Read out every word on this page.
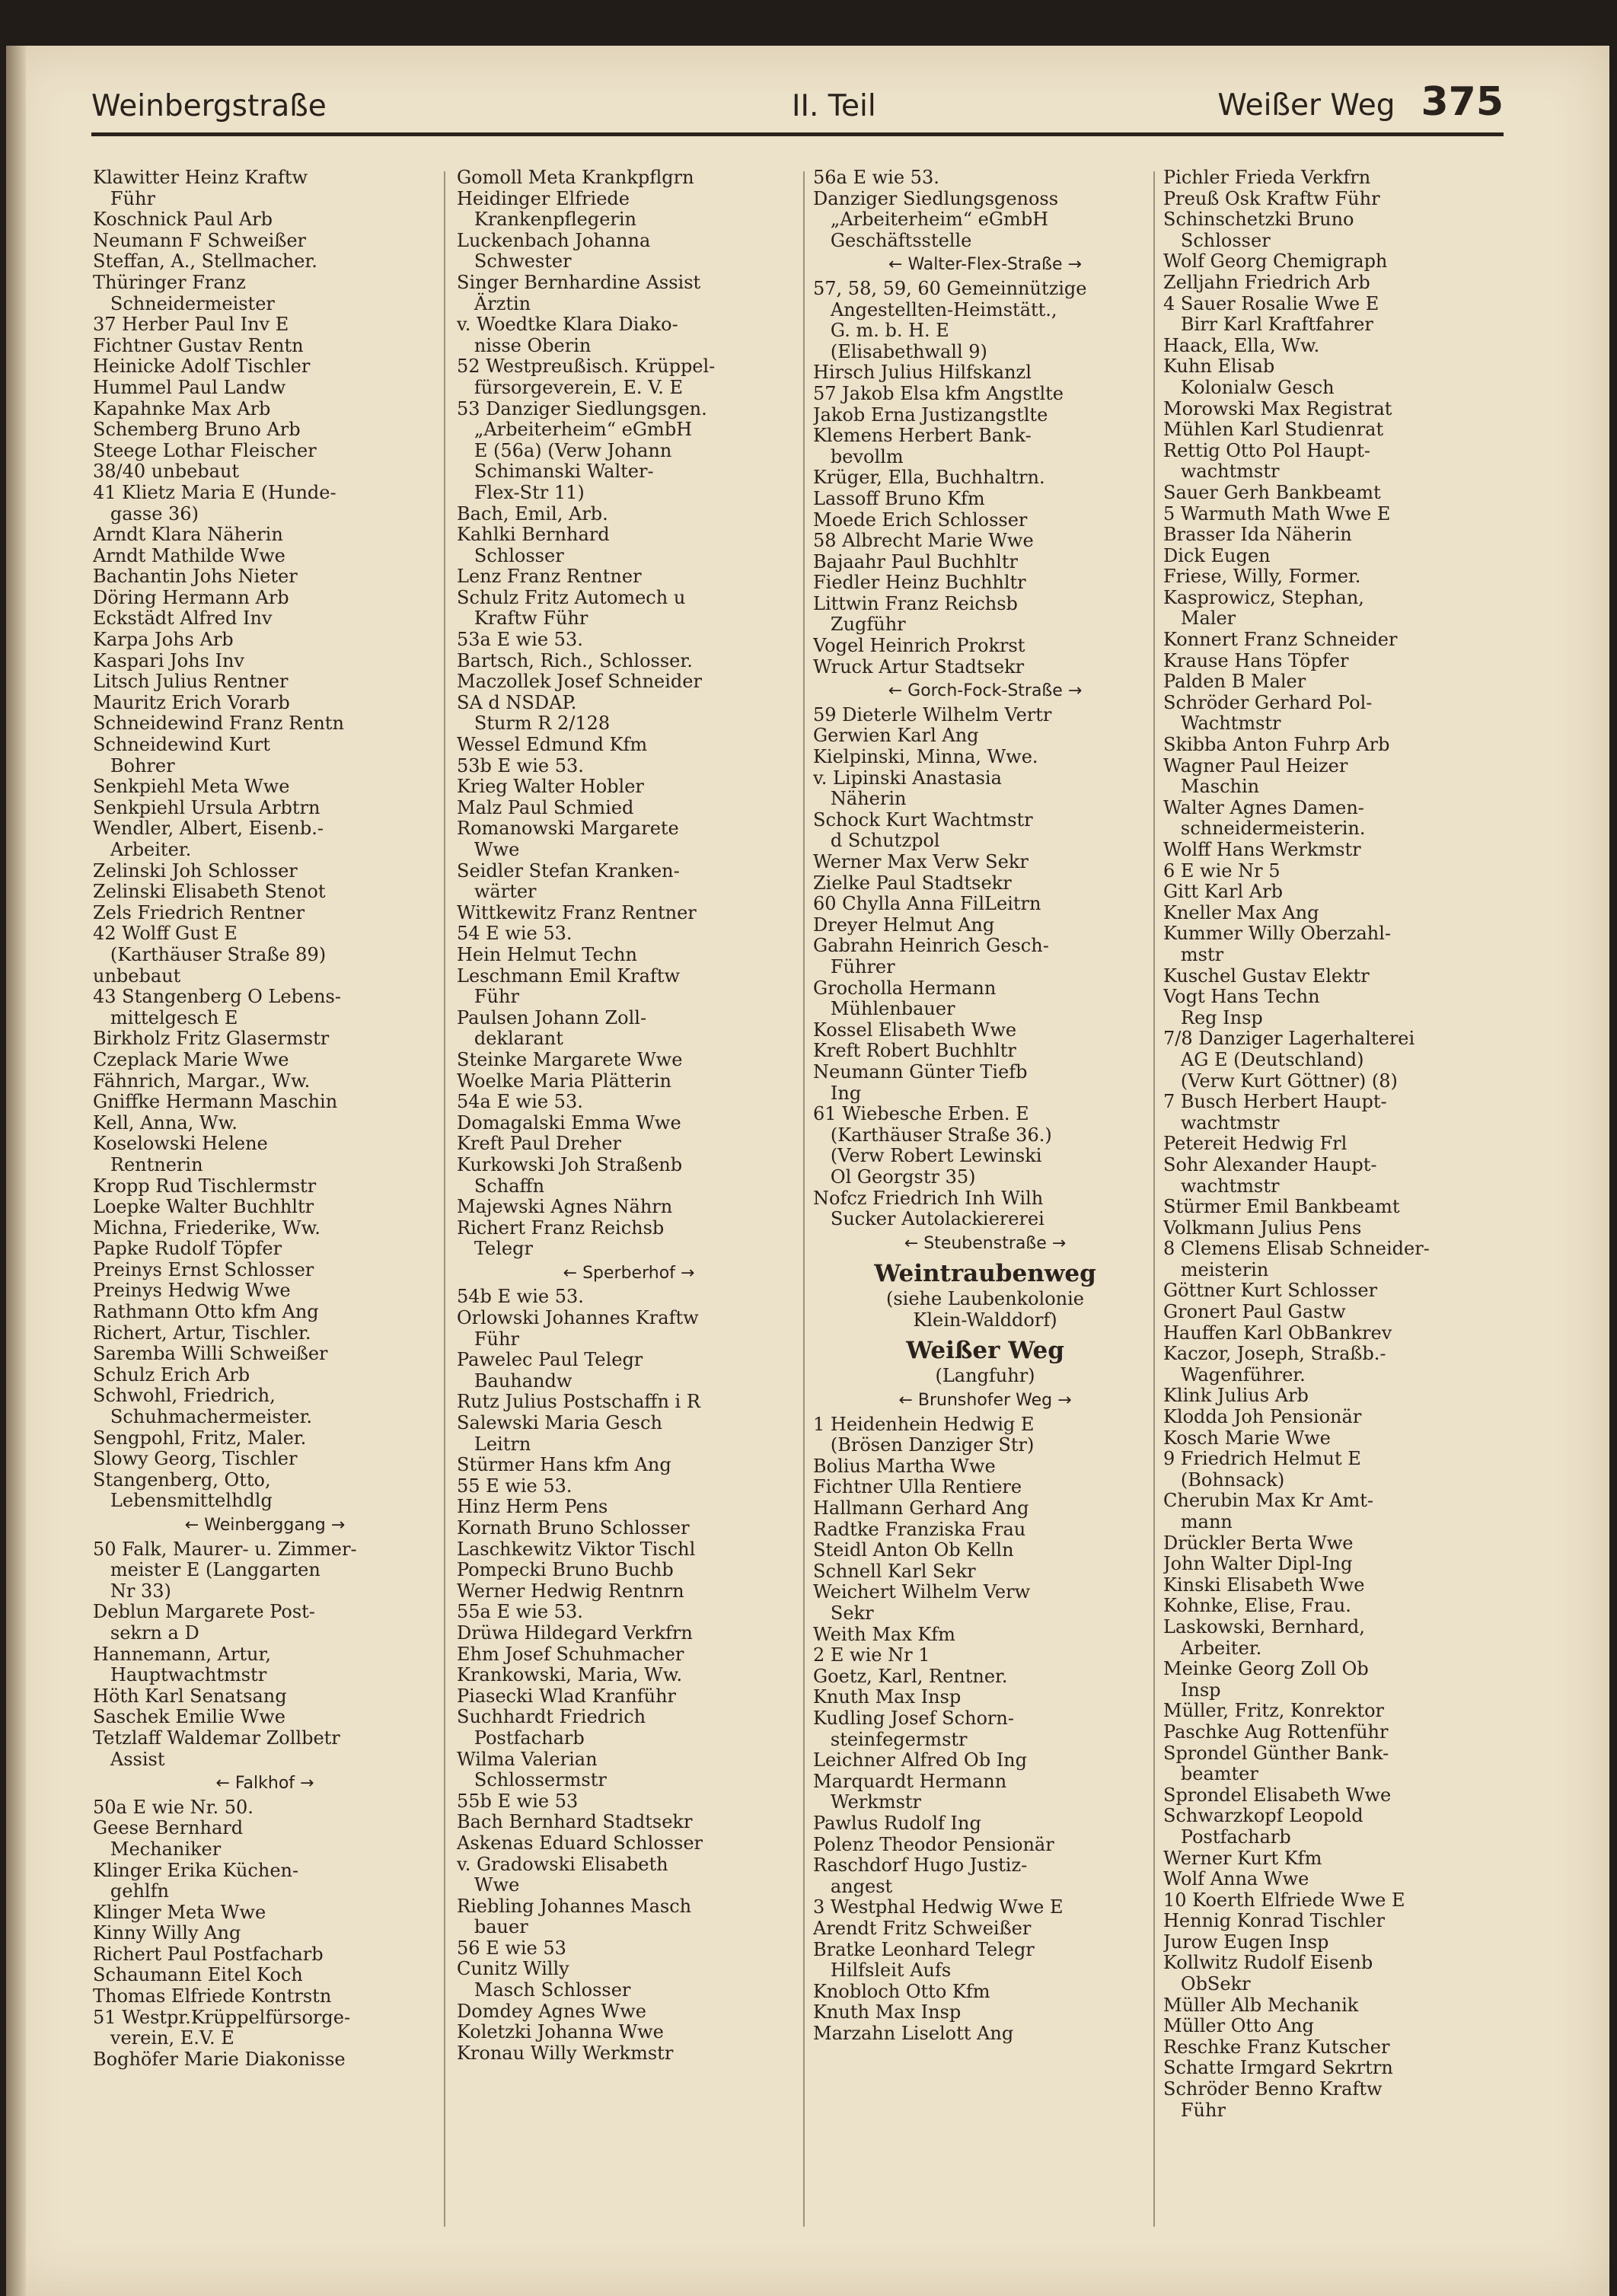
Weinbergstraße	II. Teil	Weißer Weg 375
Klawitter Heinz Kraftw
Führ
Koschnick Paul Arb
Neumann F Schweißer
Steffan, A., Stellmacher.
Thüringer Franz
Schneidermeister
37 Herber Paul Inv E
Fichtner Gustav Rentn
Heinicke Adolf Tischler
Hummel Paul Landw
Kapahnke Max Arb
Schemberg Bruno Arb
Steege Lothar Fleischer
38/40 unbebaut
41 Klietz Maria E (Hunde-
gasse 36)
Arndt Klara Näherin
Arndt Mathilde Wwe
Bachantin Johs Nieter
Döring Hermann Arb
Eckstädt Alfred Inv
Karpa Johs Arb
Kaspari Johs Inv
Litsch Julius Rentner
Mauritz Erich Vorarb
Schneidewind Franz Rentn
Schneidewind Kurt
Bohrer
Senkpiehl Meta Wwe
Senkpiehl Ursula Arbtrn
Wendler, Albert, Eisenb.-
Arbeiter.
Zelinski Joh Schlosser
Zelinski Elisabeth Stenot
Zels Friedrich Rentner
42 Wolff Gust E
(Karthäuser Straße 89)
unbebaut
43 Stangenberg O Lebens-
mittelgesch E
Birkholz Fritz Glasermstr
Czeplack Marie Wwe
Fähnrich, Margar., Ww.
Gniffke Hermann Maschin
Kell, Anna, Ww.
Koselowski Helene
Rentnerin
Kropp Rud Tischlermstr
Loepke Walter Buchhltr
Michna, Friederike, Ww.
Papke Rudolf Töpfer
Preinys Ernst Schlosser
Preinys Hedwig Wwe
Rathmann Otto kfm Ang
Richert, Artur, Tischler.
Saremba Willi Schweißer
Schulz Erich Arb
Schwohl, Friedrich,
Schuhmachermeister.
Sengpohl, Fritz, Maler.
Slowy Georg, Tischler
Stangenberg, Otto,
Lebensmittelhdlg
← Weinberggang →
50 Falk, Maurer- u. Zimmer-
meister E (Langgarten
Nr 33)
Deblun Margarete Post-
sekrn a D
Hannemann, Artur,
Hauptwachtmstr
Höth Karl Senatsang
Saschek Emilie Wwe
Tetzlaff Waldemar Zollbetr
Assist
← Falkhof →
50a E wie Nr. 50.
Geese Bernhard
Mechaniker
Klinger Erika Küchen-
gehlfn
Klinger Meta Wwe
Kinny Willy Ang
Richert Paul Postfacharb
Schaumann Eitel Koch
Thomas Elfriede Kontrstn
51 Westpr.Krüppelfürsorge-
verein, E.V. E
Boghöfer Marie Diakonisse
Gomoll Meta Krankpflgrn
Heidinger Elfriede
Krankenpflegerin
Luckenbach Johanna
Schwester
Singer Bernhardine Assist
Ärztin
v. Woedtke Klara Diako-
nisse Oberin
52 Westpreußisch. Krüppel-
fürsorgeverein, E. V. E
53 Danziger Siedlungsgen.
„Arbeiterheim“ eGmbH
E (56a) (Verw Johann
Schimanski Walter-
Flex-Str 11)
Bach, Emil, Arb.
Kahlki Bernhard
Schlosser
Lenz Franz Rentner
Schulz Fritz Automech u
Kraftw Führ
53a E wie 53.
Bartsch, Rich., Schlosser.
Maczollek Josef Schneider
SA d NSDAP.
Sturm R 2/128
Wessel Edmund Kfm
53b E wie 53.
Krieg Walter Hobler
Malz Paul Schmied
Romanowski Margarete
Wwe
Seidler Stefan Kranken-
wärter
Wittkewitz Franz Rentner
54 E wie 53.
Hein Helmut Techn
Leschmann Emil Kraftw
Führ
Paulsen Johann Zoll-
deklarant
Steinke Margarete Wwe
Woelke Maria Plätterin
54a E wie 53.
Domagalski Emma Wwe
Kreft Paul Dreher
Kurkowski Joh Straßenb
Schaffn
Majewski Agnes Nährn
Richert Franz Reichsb
Telegr
← Sperberhof →
54b E wie 53.
Orlowski Johannes Kraftw
Führ
Pawelec Paul Telegr
Bauhandw
Rutz Julius Postschaffn i R
Salewski Maria Gesch
Leitrn
Stürmer Hans kfm Ang
55 E wie 53.
Hinz Herm Pens
Kornath Bruno Schlosser
Laschkewitz Viktor Tischl
Pompecki Bruno Buchb
Werner Hedwig Rentnrn
55a E wie 53.
Drüwa Hildegard Verkfrn
Ehm Josef Schuhmacher
Krankowski, Maria, Ww.
Piasecki Wlad Kranführ
Suchhardt Friedrich
Postfacharb
Wilma Valerian
Schlossermstr
55b E wie 53
Bach Bernhard Stadtsekr
Askenas Eduard Schlosser
v. Gradowski Elisabeth
Wwe
Riebling Johannes Masch
bauer
56 E wie 53
Cunitz Willy
Masch Schlosser
Domdey Agnes Wwe
Koletzki Johanna Wwe
Kronau Willy Werkmstr
56a E wie 53.
Danziger Siedlungsgenoss
„Arbeiterheim“ eGmbH
Geschäftsstelle
← Walter-Flex-Straße →
57, 58, 59, 60 Gemeinnützige
Angestellten-Heimstätt.,
G. m. b. H. E
(Elisabethwall 9)
Hirsch Julius Hilfskanzl
57 Jakob Elsa kfm Angstlte
Jakob Erna Justizangstlte
Klemens Herbert Bank-
bevollm
Krüger, Ella, Buchhaltrn.
Lassoff Bruno Kfm
Moede Erich Schlosser
58 Albrecht Marie Wwe
Bajaahr Paul Buchhltr
Fiedler Heinz Buchhltr
Littwin Franz Reichsb
Zugführ
Vogel Heinrich Prokrst
Wruck Artur Stadtsekr
← Gorch-Fock-Straße →
59 Dieterle Wilhelm Vertr
Gerwien Karl Ang
Kielpinski, Minna, Wwe.
v. Lipinski Anastasia
Näherin
Schock Kurt Wachtmstr
d Schutzpol
Werner Max Verw Sekr
Zielke Paul Stadtsekr
60 Chylla Anna FilLeitrn
Dreyer Helmut Ang
Gabrahn Heinrich Gesch-
Führer
Grocholla Hermann
Mühlenbauer
Kossel Elisabeth Wwe
Kreft Robert Buchhltr
Neumann Günter Tiefb
Ing
61 Wiebesche Erben. E
(Karthäuser Straße 36.)
(Verw Robert Lewinski
Ol Georgstr 35)
Nofcz Friedrich Inh Wilh
Sucker Autolackiererei
← Steubenstraße →
Weintraubenweg
(siehe Laubenkolonie
Klein-Walddorf)
Weißer Weg
(Langfuhr)
← Brunshofer Weg →
1 Heidenhein Hedwig E
(Brösen Danziger Str)
Bolius Martha Wwe
Fichtner Ulla Rentiere
Hallmann Gerhard Ang
Radtke Franziska Frau
Steidl Anton Ob Kelln
Schnell Karl Sekr
Weichert Wilhelm Verw
Sekr
Weith Max Kfm
2 E wie Nr 1
Goetz, Karl, Rentner.
Knuth Max Insp
Kudling Josef Schorn-
steinfegermstr
Leichner Alfred Ob Ing
Marquardt Hermann
Werkmstr
Pawlus Rudolf Ing
Polenz Theodor Pensionär
Raschdorf Hugo Justiz-
angest
3 Westphal Hedwig Wwe E
Arendt Fritz Schweißer
Bratke Leonhard Telegr
Hilfsleit Aufs
Knobloch Otto Kfm
Knuth Max Insp
Marzahn Liselott Ang
Pichler Frieda Verkfrn
Preuß Osk Kraftw Führ
Schinschetzki Bruno
Schlosser
Wolf Georg Chemigraph
Zelljahn Friedrich Arb
4 Sauer Rosalie Wwe E
Birr Karl Kraftfahrer
Haack, Ella, Ww.
Kuhn Elisab
Kolonialw Gesch
Morowski Max Registrat
Mühlen Karl Studienrat
Rettig Otto Pol Haupt-
wachtmstr
Sauer Gerh Bankbeamt
5 Warmuth Math Wwe E
Brasser Ida Näherin
Dick Eugen
Friese, Willy, Former.
Kasprowicz, Stephan,
Maler
Konnert Franz Schneider
Krause Hans Töpfer
Palden B Maler
Schröder Gerhard Pol-
Wachtmstr
Skibba Anton Fuhrp Arb
Wagner Paul Heizer
Maschin
Walter Agnes Damen-
schneidermeisterin.
Wolff Hans Werkmstr
6 E wie Nr 5
Gitt Karl Arb
Kneller Max Ang
Kummer Willy Oberzahl-
mstr
Kuschel Gustav Elektr
Vogt Hans Techn
Reg Insp
7/8 Danziger Lagerhalterei
AG E (Deutschland)
(Verw Kurt Göttner) (8)
7 Busch Herbert Haupt-
wachtmstr
Petereit Hedwig Frl
Sohr Alexander Haupt-
wachtmstr
Stürmer Emil Bankbeamt
Volkmann Julius Pens
8 Clemens Elisab Schneider-
meisterin
Göttner Kurt Schlosser
Gronert Paul Gastw
Hauffen Karl ObBankrev
Kaczor, Joseph, Straßb.-
Wagenführer.
Klink Julius Arb
Klodda Joh Pensionär
Kosch Marie Wwe
9 Friedrich Helmut E
(Bohnsack)
Cherubin Max Kr Amt-
mann
Drückler Berta Wwe
John Walter Dipl-Ing
Kinski Elisabeth Wwe
Kohnke, Elise, Frau.
Laskowski, Bernhard,
Arbeiter.
Meinke Georg Zoll Ob
Insp
Müller, Fritz, Konrektor
Paschke Aug Rottenführ
Sprondel Günther Bank-
beamter
Sprondel Elisabeth Wwe
Schwarzkopf Leopold
Postfacharb
Werner Kurt Kfm
Wolf Anna Wwe
10 Koerth Elfriede Wwe E
Hennig Konrad Tischler
Jurow Eugen Insp
Kollwitz Rudolf Eisenb
ObSekr
Müller Alb Mechanik
Müller Otto Ang
Reschke Franz Kutscher
Schatte Irmgard Sekrtrn
Schröder Benno Kraftw
Führ
